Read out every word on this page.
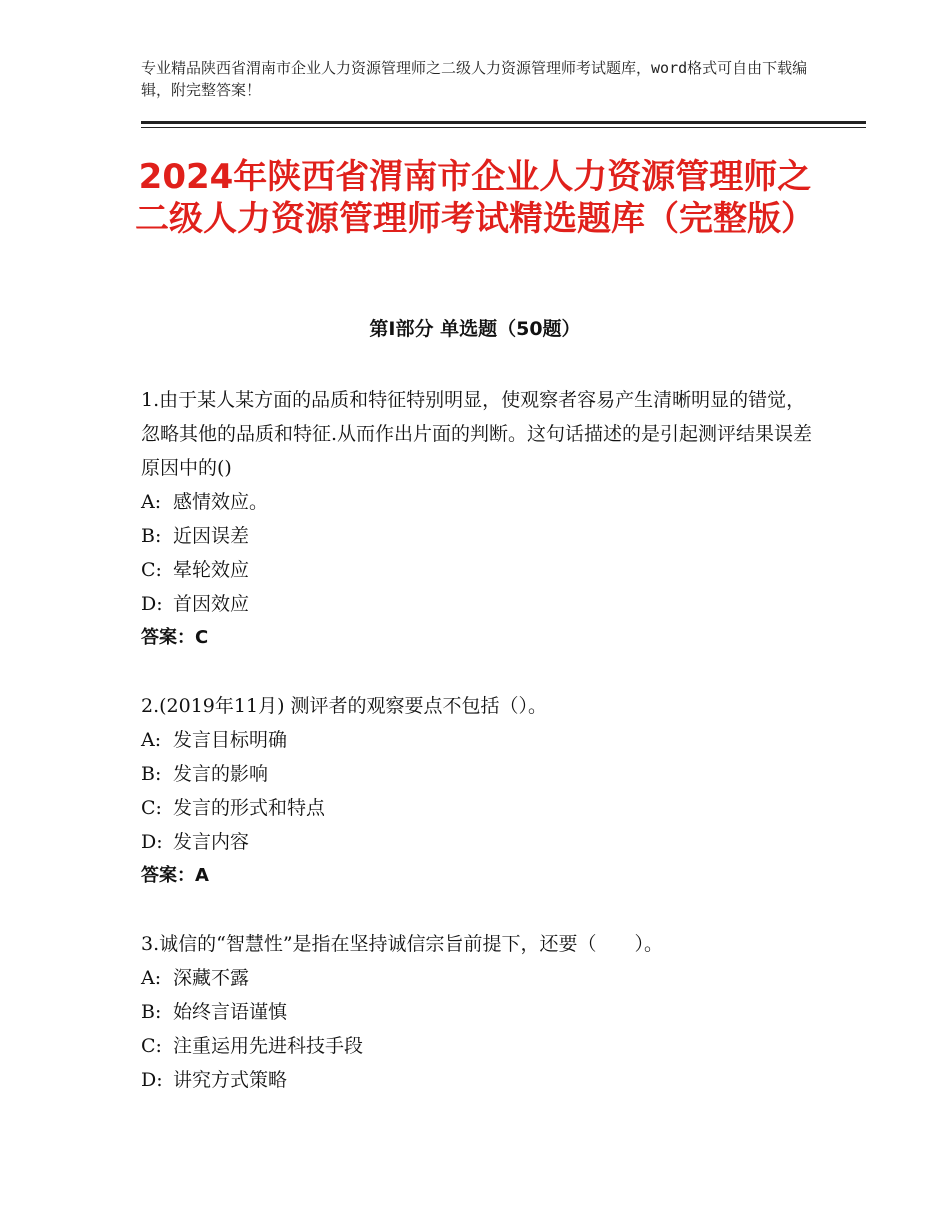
专业精品陕西省渭南市企业人力资源管理师之二级人力资源管理师考试题库，word格式可自由下载编辑，附完整答案！
2024年陕西省渭南市企业人力资源管理师之二级人力资源管理师考试精选题库（完整版）
第Ⅰ部分 单选题（50题）

1.由于某人某方面的品质和特征特别明显，使观察者容易产生清晰明显的错觉，忽略其他的品质和特征.从而作出片面的判断。这句话描述的是引起测评结果误差原因中的()

A: 感情效应。

B: 近因误差

C: 晕轮效应

D: 首因效应

答案：C

2.(2019年11月) 测评者的观察要点不包括（）。

A: 发言目标明确

B: 发言的影响

C: 发言的形式和特点

D: 发言内容

答案：A

3.诚信的“智慧性”是指在坚持诚信宗旨前提下，还要（　　）。

A: 深藏不露

B: 始终言语谨慎

C: 注重运用先进科技手段

D: 讲究方式策略
